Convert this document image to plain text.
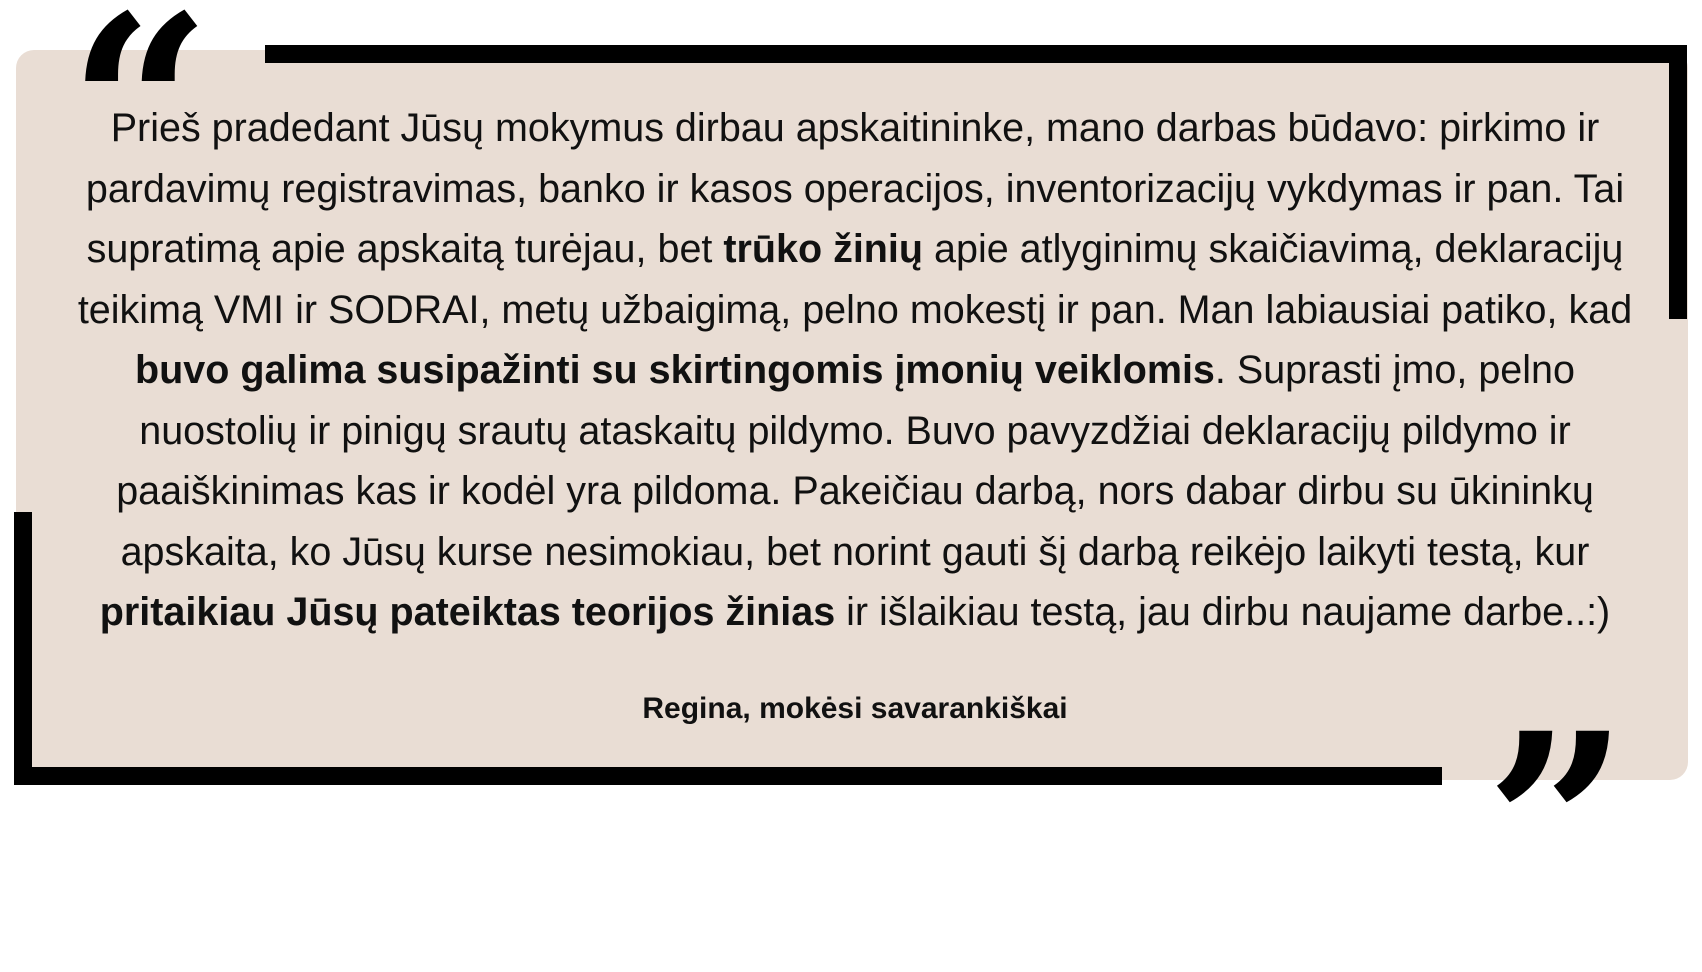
“
”

Prieš pradedant Jūsų mokymus dirbau apskaitininke, mano darbas būdavo: pirkimo ir pardavimų registravimas, banko ir kasos operacijos, inventorizacijų vykdymas ir pan. Tai supratimą apie apskaitą turėjau, bet trūko žinių apie atlyginimų skaičiavimą, deklaracijų teikimą VMI ir SODRAI, metų užbaigimą, pelno mokestį ir pan. Man labiausiai patiko, kad buvo galima susipažinti su skirtingomis įmonių veiklomis. Suprasti įmo, pelno nuostolių ir pinigų srautų ataskaitų pildymo. Buvo pavyzdžiai deklaracijų pildymo ir paaiškinimas kas ir kodėl yra pildoma. Pakeičiau darbą, nors dabar dirbu su ūkininkų apskaita, ko Jūsų kurse nesimokiau, bet norint gauti šį darbą reikėjo laikyti testą, kur pritaikiau Jūsų pateiktas teorijos žinias ir išlaikiau testą, jau dirbu naujame darbe..:)

Regina, mokėsi savarankiškai
